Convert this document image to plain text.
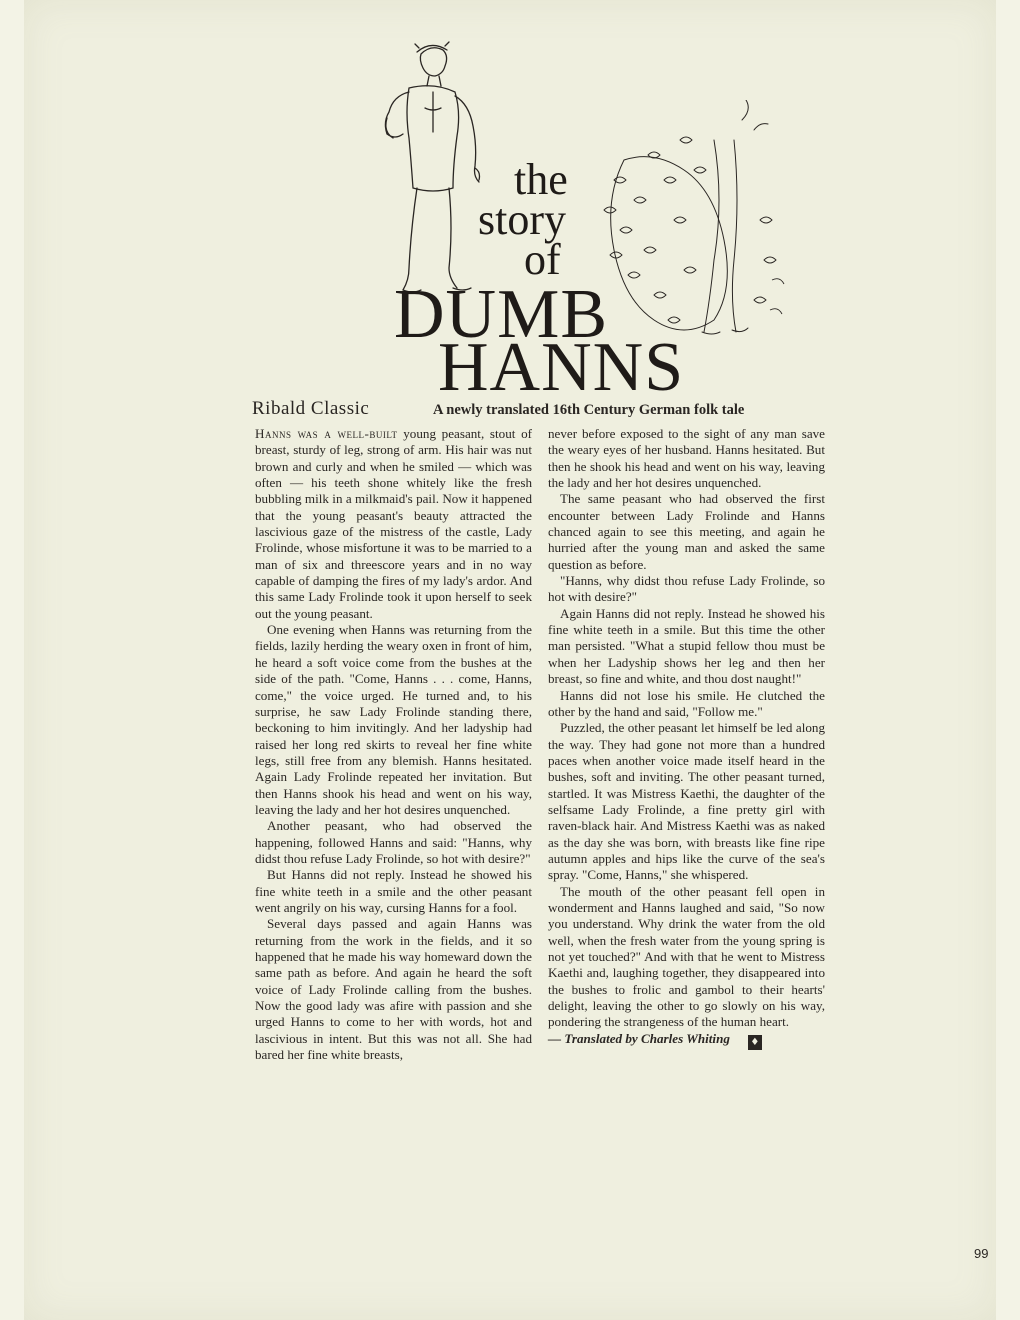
the
story
of
DUMB
HANNS
Ribald Classic	A newly translated 16th Century German folk tale

Hanns was a well-built young peasant, stout of breast, sturdy of leg, strong of arm. His hair was nut brown and curly and when he smiled — which was often — his teeth shone whitely like the fresh bubbling milk in a milkmaid's pail. Now it happened that the young peasant's beauty attracted the lascivious gaze of the mistress of the castle, Lady Frolinde, whose misfortune it was to be married to a man of six and threescore years and in no way capable of damping the fires of my lady's ardor. And this same Lady Frolinde took it upon herself to seek out the young peasant.

One evening when Hanns was returning from the fields, lazily herding the weary oxen in front of him, he heard a soft voice come from the bushes at the side of the path. "Come, Hanns . . . come, Hanns, come," the voice urged. He turned and, to his surprise, he saw Lady Frolinde standing there, beckoning to him invitingly. And her ladyship had raised her long red skirts to reveal her fine white legs, still free from any blemish. Hanns hesitated. Again Lady Frolinde repeated her invitation. But then Hanns shook his head and went on his way, leaving the lady and her hot desires unquenched.

Another peasant, who had observed the happening, followed Hanns and said: "Hanns, why didst thou refuse Lady Frolinde, so hot with desire?"

But Hanns did not reply. Instead he showed his fine white teeth in a smile and the other peasant went angrily on his way, cursing Hanns for a fool.

Several days passed and again Hanns was returning from the work in the fields, and it so happened that he made his way homeward down the same path as before. And again he heard the soft voice of Lady Frolinde calling from the bushes. Now the good lady was afire with passion and she urged Hanns to come to her with words, hot and lascivious in intent. But this was not all. She had bared her fine white breasts,

never before exposed to the sight of any man save the weary eyes of her husband. Hanns hesitated. But then he shook his head and went on his way, leaving the lady and her hot desires unquenched.

The same peasant who had observed the first encounter between Lady Frolinde and Hanns chanced again to see this meeting, and again he hurried after the young man and asked the same question as before.

"Hanns, why didst thou refuse Lady Frolinde, so hot with desire?"

Again Hanns did not reply. Instead he showed his fine white teeth in a smile. But this time the other man persisted. "What a stupid fellow thou must be when her Ladyship shows her leg and then her breast, so fine and white, and thou dost naught!"

Hanns did not lose his smile. He clutched the other by the hand and said, "Follow me."

Puzzled, the other peasant let himself be led along the way. They had gone not more than a hundred paces when another voice made itself heard in the bushes, soft and inviting. The other peasant turned, startled. It was Mistress Kaethi, the daughter of the selfsame Lady Frolinde, a fine pretty girl with raven-black hair. And Mistress Kaethi was as naked as the day she was born, with breasts like fine ripe autumn apples and hips like the curve of the sea's spray. "Come, Hanns," she whispered.

The mouth of the other peasant fell open in wonderment and Hanns laughed and said, "So now you understand. Why drink the water from the old well, when the fresh water from the young spring is not yet touched?" And with that he went to Mistress Kaethi and, laughing together, they disappeared into the bushes to frolic and gambol to their hearts' delight, leaving the other to go slowly on his way, pondering the strangeness of the human heart.

— Translated by Charles Whiting ♦

99
